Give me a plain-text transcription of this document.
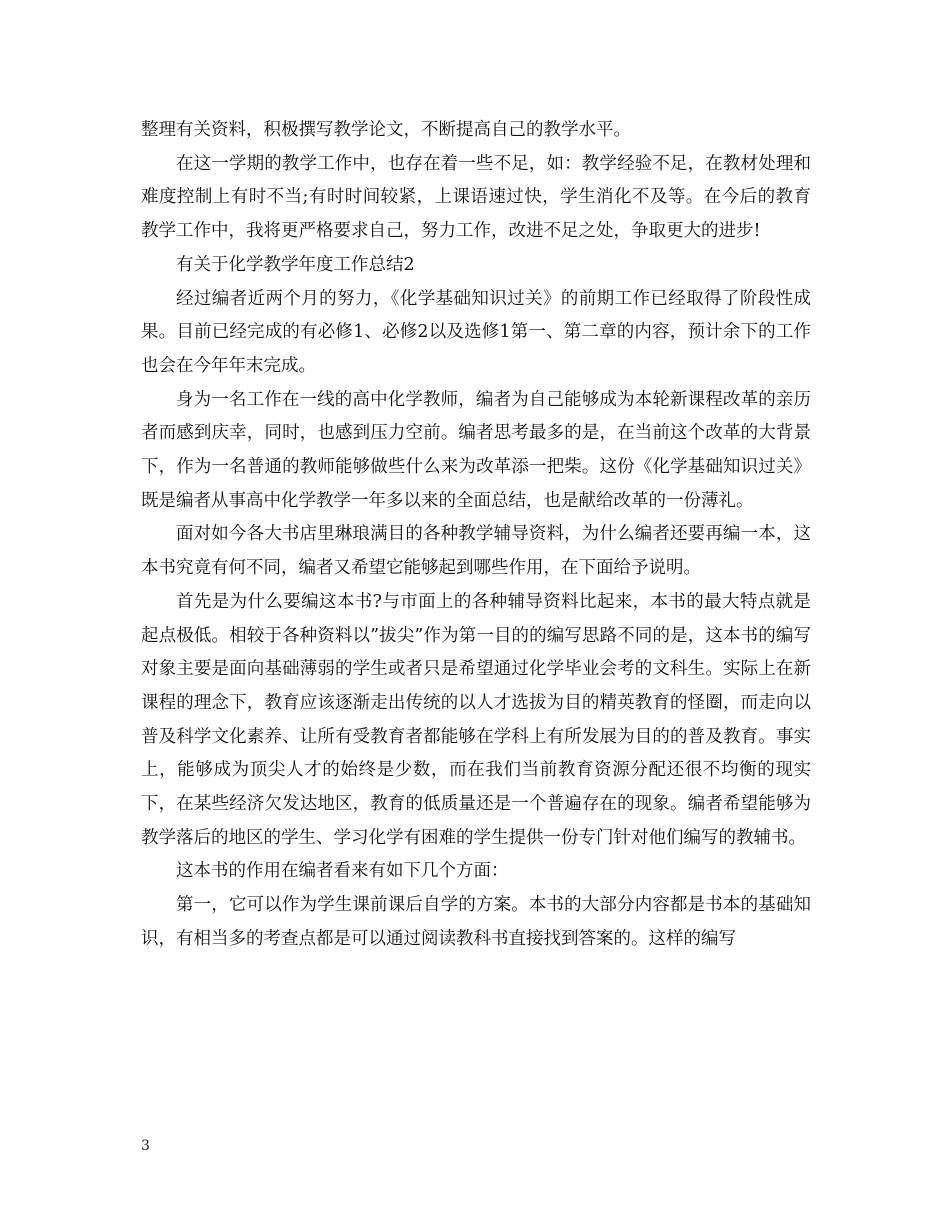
整理有关资料，积极撰写教学论文，不断提高自己的教学水平。

在这一学期的教学工作中，也存在着一些不足，如：教学经验不足，在教材处理和难度控制上有时不当;有时时间较紧，上课语速过快，学生消化不及等。在今后的教育教学工作中，我将更严格要求自己，努力工作，改进不足之处，争取更大的进步!

有关于化学教学年度工作总结2

经过编者近两个月的努力，《化学基础知识过关》的前期工作已经取得了阶段性成果。目前已经完成的有必修1、必修2以及选修1第一、第二章的内容，预计余下的工作也会在今年年末完成。

身为一名工作在一线的高中化学教师，编者为自己能够成为本轮新课程改革的亲历者而感到庆幸，同时，也感到压力空前。编者思考最多的是，在当前这个改革的大背景下，作为一名普通的教师能够做些什么来为改革添一把柴。这份《化学基础知识过关》既是编者从事高中化学教学一年多以来的全面总结，也是献给改革的一份薄礼。

面对如今各大书店里琳琅满目的各种教学辅导资料，为什么编者还要再编一本，这本书究竟有何不同，编者又希望它能够起到哪些作用，在下面给予说明。

首先是为什么要编这本书?与市面上的各种辅导资料比起来，本书的最大特点就是起点极低。相较于各种资料以”拔尖”作为第一目的的编写思路不同的是，这本书的编写对象主要是面向基础薄弱的学生或者只是希望通过化学毕业会考的文科生。实际上在新课程的理念下，教育应该逐渐走出传统的以人才选拔为目的精英教育的怪圈，而走向以普及科学文化素养、让所有受教育者都能够在学科上有所发展为目的的普及教育。事实上，能够成为顶尖人才的始终是少数，而在我们当前教育资源分配还很不均衡的现实下，在某些经济欠发达地区，教育的低质量还是一个普遍存在的现象。编者希望能够为教学落后的地区的学生、学习化学有困难的学生提供一份专门针对他们编写的教辅书。

这本书的作用在编者看来有如下几个方面：

第一，它可以作为学生课前课后自学的方案。本书的大部分内容都是书本的基础知识，有相当多的考查点都是可以通过阅读教科书直接找到答案的。这样的编写

3
